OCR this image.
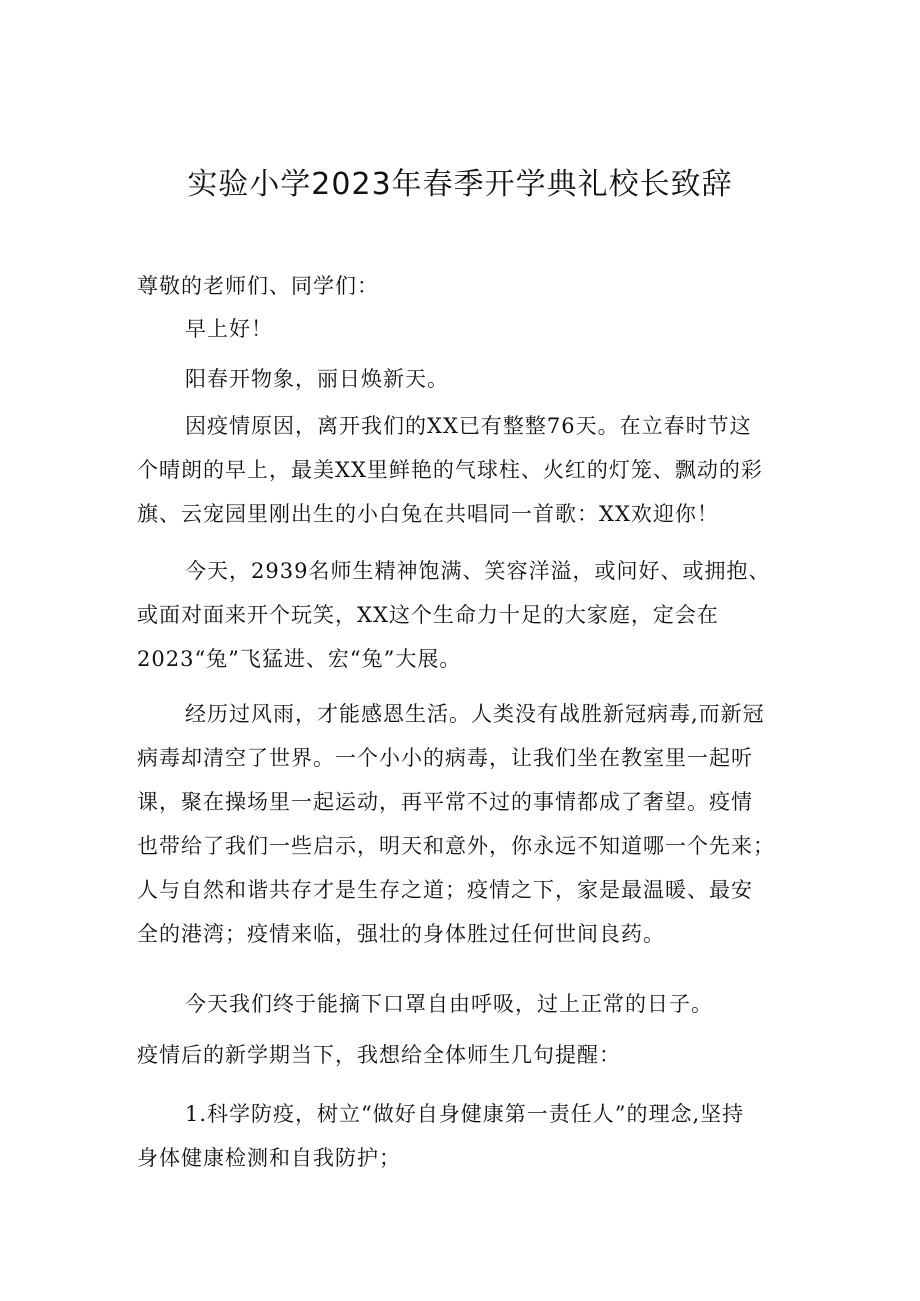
实验小学2023年春季开学典礼校长致辞
尊敬的老师们、同学们：
早上好！
阳春开物象，丽日焕新天。
因疫情原因，离开我们的XX已有整整76天。在立春时节这
个晴朗的早上，最美XX里鲜艳的气球柱、火红的灯笼、飘动的彩
旗、云宠园里刚出生的小白兔在共唱同一首歌：XX欢迎你！
今天，2939名师生精神饱满、笑容洋溢，或问好、或拥抱、
或面对面来开个玩笑，XX这个生命力十足的大家庭，定会在
2023“兔”飞猛进、宏“兔”大展。
经历过风雨，才能感恩生活。人类没有战胜新冠病毒,而新冠
病毒却清空了世界。一个小小的病毒，让我们坐在教室里一起听
课，聚在操场里一起运动，再平常不过的事情都成了奢望。疫情
也带给了我们一些启示，明天和意外，你永远不知道哪一个先来；
人与自然和谐共存才是生存之道；疫情之下，家是最温暖、最安
全的港湾；疫情来临，强壮的身体胜过任何世间良药。
今天我们终于能摘下口罩自由呼吸，过上正常的日子。
疫情后的新学期当下，我想给全体师生几句提醒：
1.科学防疫，树立“做好自身健康第一责任人”的理念,坚持
身体健康检测和自我防护；
